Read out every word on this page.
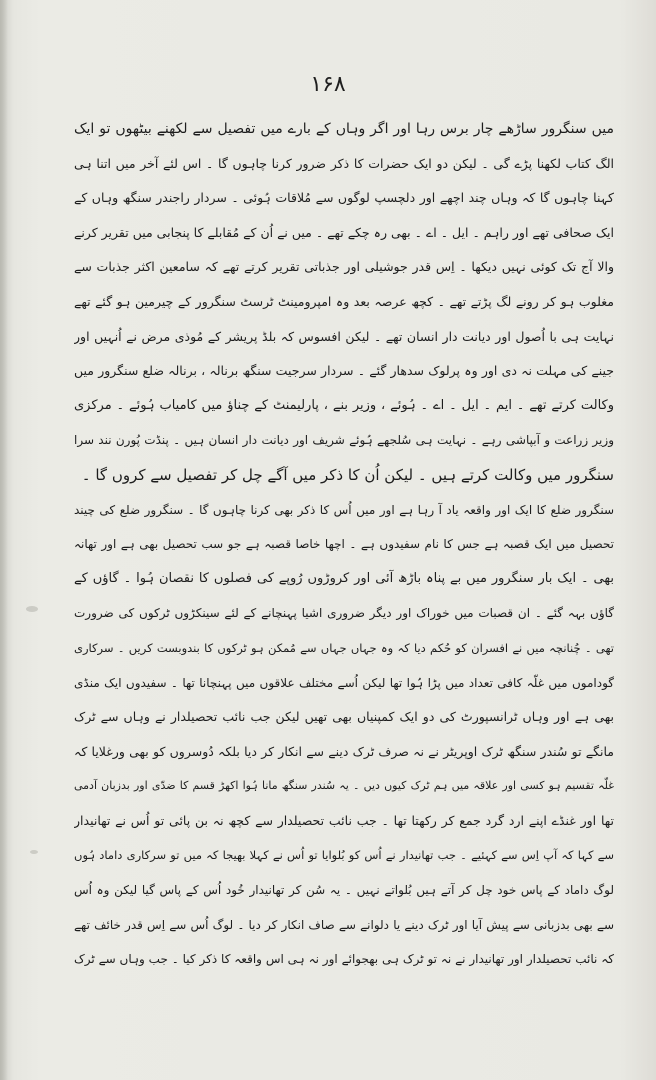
۱۶۸
میں سنگرور ساڑھے چار برس رہا اور اگر وہاں کے بارے میں تفصیل سے لکھنے بیٹھوں تو ایک
الگ کتاب لکھنا پڑے گی ۔ لیکن دو ایک حضرات کا ذکر ضرور کرنا چاہوں گا ۔ اس لئے آخر میں اتنا ہی
کہنا چاہوں گا کہ وہاں چند اچھے اور دلچسپ لوگوں سے مُلاقات ہُوئی ۔ سردار راجندر سنگھ وہاں کے
ایک صحافی تھے اور راہم ۔ ایل ۔ اے ۔ بھی رہ چکے تھے ۔ میں نے اُن کے مُقابلے کا پنجابی میں تقریر کرنے
والا آج تک کوئی نہیں دیکھا ۔ اِس قدر جوشیلی اور جذباتی تقریر کرتے تھے کہ سامعین اکثر جذبات سے
مغلوب ہو کر رونے لگ پڑتے تھے ۔ کچھ عرصہ بعد وہ امپرومینٹ ٹرسٹ سنگرور کے چیرمین ہو گئے تھے
نہایت ہی با اُصول اور دیانت دار انسان تھے ۔ لیکن افسوس کہ بلڈ پریشر کے مُوذی مرض نے اُنہیں اور
جینے کی مہلت نہ دی اور وہ پرلوک سدھار گئے ۔ سردار سرجیت سنگھ برنالہ ، برنالہ ضلع سنگرور میں
وکالت کرتے تھے ۔ ایم ۔ ایل ۔ اے ۔ ہُوئے ، وزیر بنے ، پارلیمنٹ کے چناؤ میں کامیاب ہُوئے ۔ مرکزی
وزیر زراعت و آبپاشی رہے ۔ نہایت ہی سُلجھے ہُوئے شریف اور دیانت دار انسان ہیں ۔ پنڈت پُورن نند سرا
سنگرور میں وکالت کرتے ہیں ۔ لیکن اُن کا ذکر میں آگے چل کر تفصیل سے کروں گا ۔
سنگرور ضلع کا ایک اور واقعہ یاد آ رہا ہے اور میں اُس کا ذکر بھی کرنا چاہوں گا ۔ سنگرور ضلع کی چیند
تحصیل میں ایک قصبہ ہے جس کا نام سفیدوں ہے ۔ اچھا خاصا قصبہ ہے جو سب تحصیل بھی ہے اور تھانہ
بھی ۔ ایک بار سنگرور میں بے پناہ باڑھ آئی اور کروڑوں رُوپے کی فصلوں کا نقصان ہُوا ۔ گاؤں کے
گاؤں بہہ گئے ۔ ان قصبات میں خوراک اور دیگر ضروری اشیا پہنچانے کے لئے سینکڑوں ٹرکوں کی ضرورت
تھی ۔ چُنانچہ میں نے افسران کو حُکم دیا کہ وہ جہاں جہاں سے مُمکن ہو ٹرکوں کا بندوبست کریں ۔ سرکاری
گوداموں میں غلّہ کافی تعداد میں پڑا ہُوا تھا لیکن اُسے مختلف علاقوں میں پہنچانا تھا ۔ سفیدوں ایک منڈی
بھی ہے اور وہاں ٹرانسپورٹ کی دو ایک کمپنیاں بھی تھیں لیکن جب نائب تحصیلدار نے وہاں سے ٹرک
مانگے تو سُندر سنگھ ٹرک اوپریٹر نے نہ صرف ٹرک دینے سے انکار کر دیا بلکہ دُوسروں کو بھی ورغلایا کہ
غلّہ تقسیم ہو کسی اور علاقہ میں ہم ٹرک کیوں دیں ۔ یہ سُندر سنگھ مانا ہُوا اکھڑ قسم کا ضدّی اور بدزبان آدمی
تھا اور غنڈے اپنے ارد گرد جمع کر رکھتا تھا ۔ جب نائب تحصیلدار سے کچھ نہ بن پائی تو اُس نے تھانیدار
سے کہا کہ آپ اِس سے کہئیے ۔ جب تھانیدار نے اُس کو بُلوایا تو اُس نے کہلا بھیجا کہ میں تو سرکاری داماد ہُوں
لوگ داماد کے پاس خود چل کر آتے ہیں بُلواتے نہیں ۔ یہ سُن کر تھانیدار خُود اُس کے پاس گیا لیکن وہ اُس
سے بھی بدزبانی سے پیش آیا اور ٹرک دینے یا دلوانے سے صاف انکار کر دیا ۔ لوگ اُس سے اِس قدر خائف تھے
کہ نائب تحصیلدار اور تھانیدار نے نہ تو ٹرک ہی بھجوائے اور نہ ہی اس واقعہ کا ذکر کیا ۔ جب وہاں سے ٹرک
